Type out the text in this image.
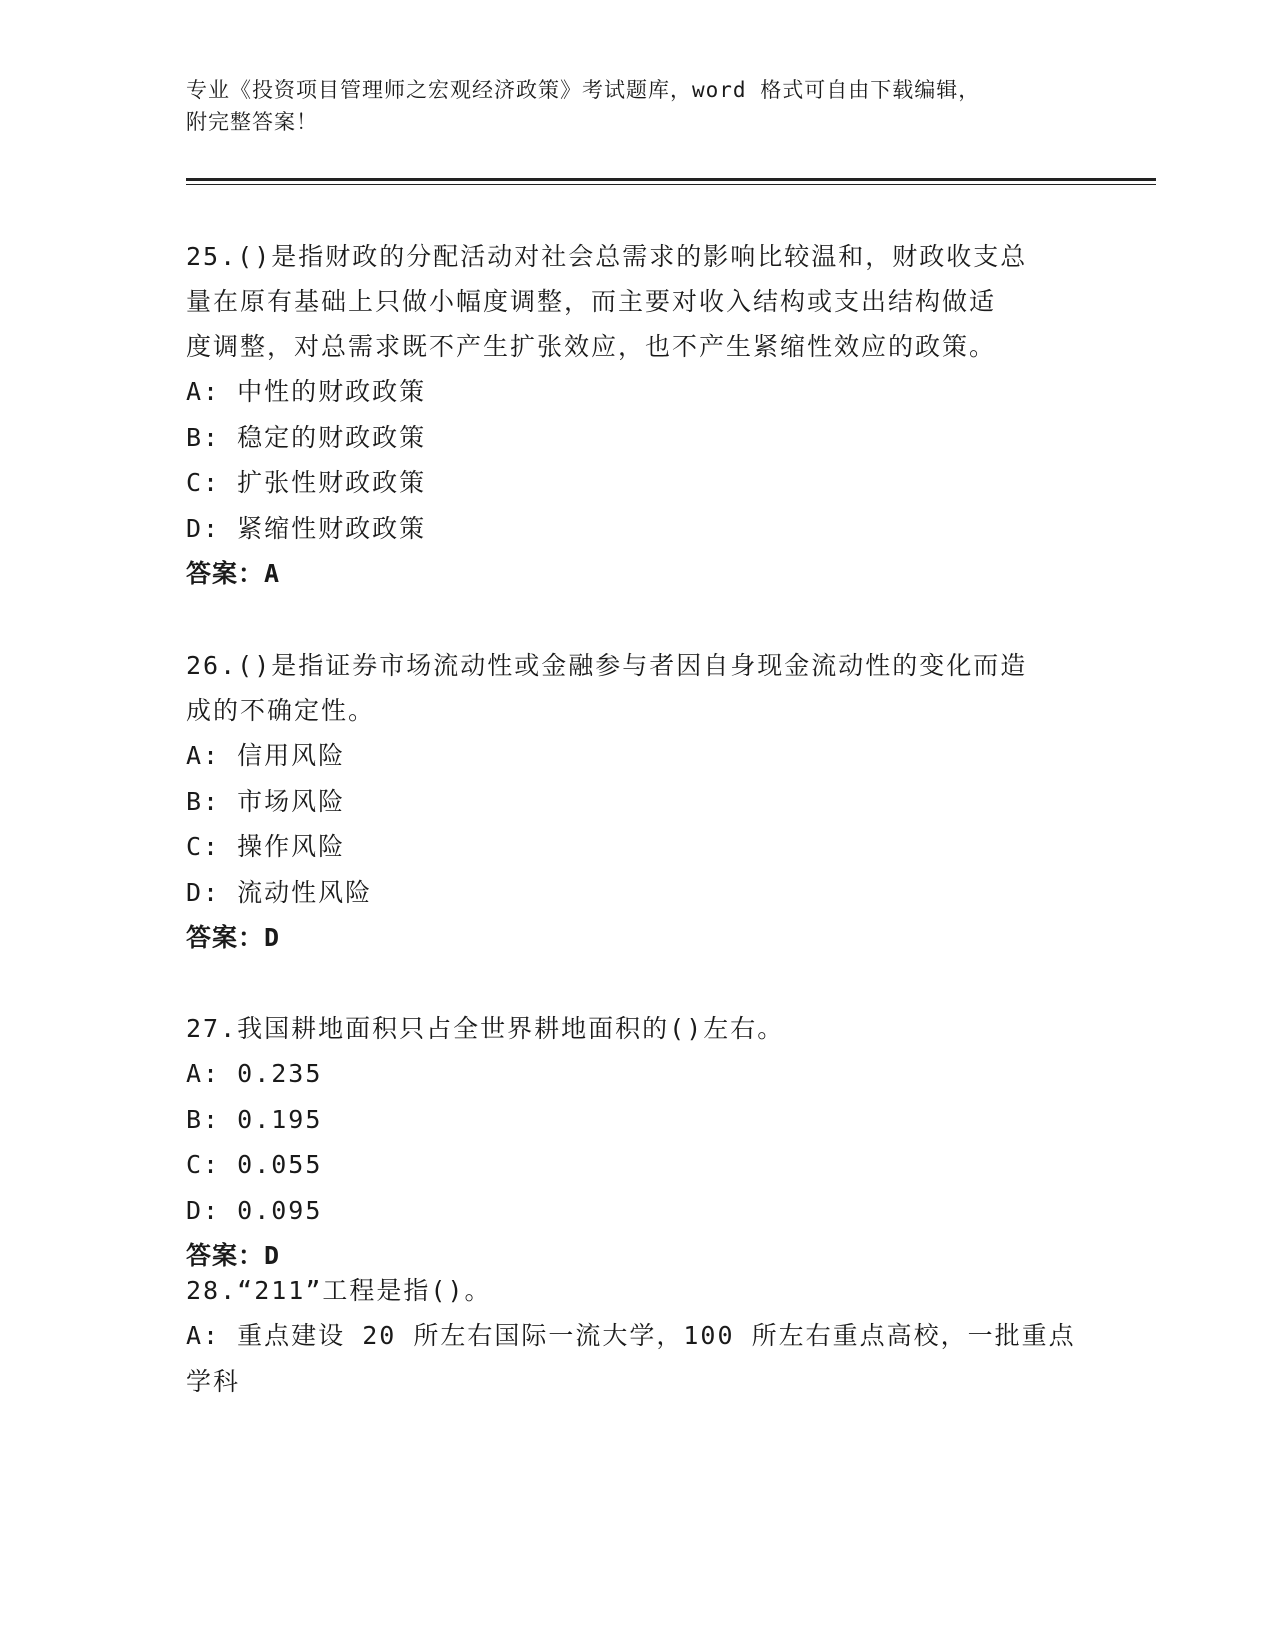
专业《投资项目管理师之宏观经济政策》考试题库，word 格式可自由下载编辑，
附完整答案！
25.()是指财政的分配活动对社会总需求的影响比较温和，财政收支总
量在原有基础上只做小幅度调整，而主要对收入结构或支出结构做适
度调整，对总需求既不产生扩张效应，也不产生紧缩性效应的政策。
A: 中性的财政政策
B: 稳定的财政政策
C: 扩张性财政政策
D: 紧缩性财政政策
答案：A
26.()是指证券市场流动性或金融参与者因自身现金流动性的变化而造
成的不确定性。
A: 信用风险
B: 市场风险
C: 操作风险
D: 流动性风险
答案：D
27.我国耕地面积只占全世界耕地面积的()左右。
A: 0.235
B: 0.195
C: 0.055
D: 0.095
答案：D
28.“211”工程是指()。
A: 重点建设 20 所左右国际一流大学，100 所左右重点高校，一批重点
学科
